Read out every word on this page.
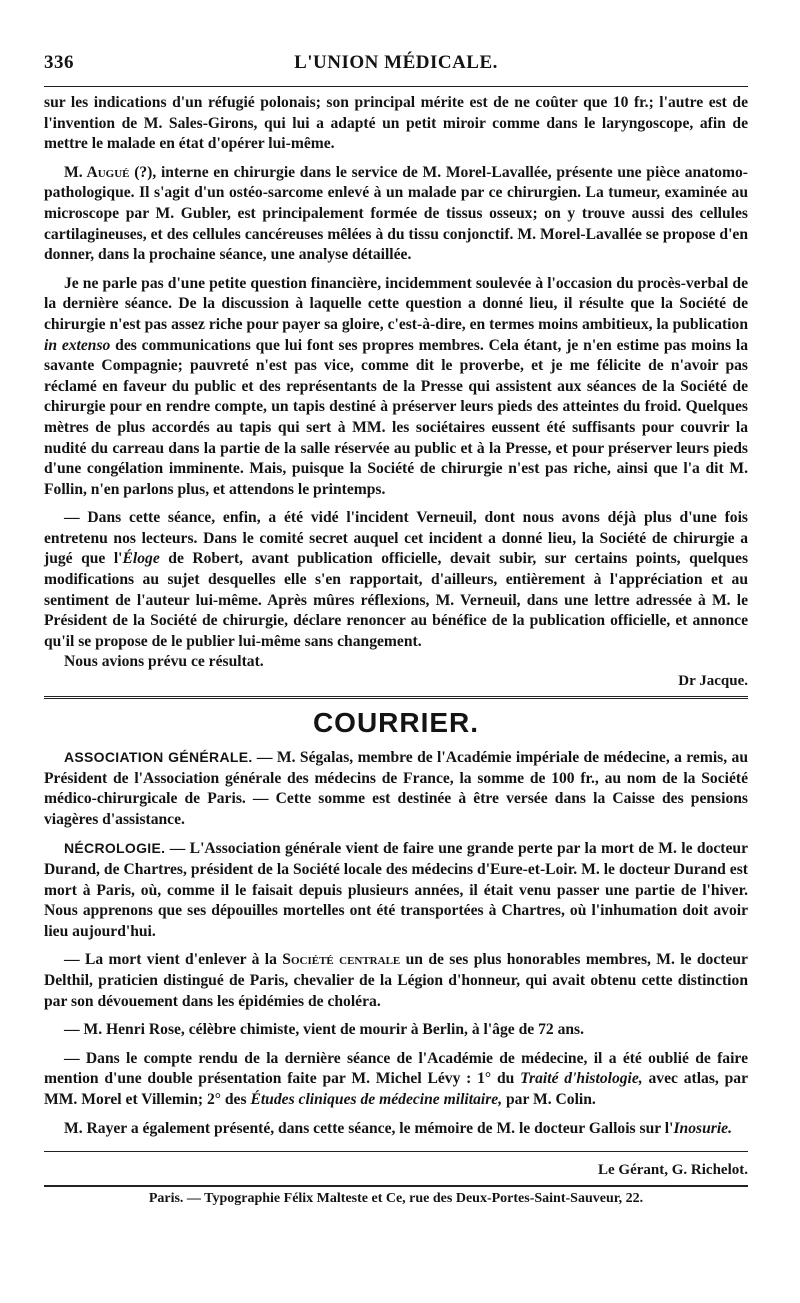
336	L'UNION MÉDICALE.

sur les indications d'un réfugié polonais; son principal mérite est de ne coûter que 10 fr.; l'autre est de l'invention de M. Sales-Girons, qui lui a adapté un petit miroir comme dans le laryngoscope, afin de mettre le malade en état d'opérer lui-même.

M. Augué (?), interne en chirurgie dans le service de M. Morel-Lavallée, présente une pièce anatomo-pathologique. Il s'agit d'un ostéo-sarcome enlevé à un malade par ce chirurgien. La tumeur, examinée au microscope par M. Gubler, est principalement formée de tissus osseux; on y trouve aussi des cellules cartilagineuses, et des cellules cancéreuses mêlées à du tissu conjonctif. M. Morel-Lavallée se propose d'en donner, dans la prochaine séance, une analyse détaillée.

Je ne parle pas d'une petite question financière, incidemment soulevée à l'occasion du procès-verbal de la dernière séance. De la discussion à laquelle cette question a donné lieu, il résulte que la Société de chirurgie n'est pas assez riche pour payer sa gloire, c'est-à-dire, en termes moins ambitieux, la publication in extenso des communications que lui font ses propres membres. Cela étant, je n'en estime pas moins la savante Compagnie; pauvreté n'est pas vice, comme dit le proverbe, et je me félicite de n'avoir pas réclamé en faveur du public et des représentants de la Presse qui assistent aux séances de la Société de chirurgie pour en rendre compte, un tapis destiné à préserver leurs pieds des atteintes du froid. Quelques mètres de plus accordés au tapis qui sert à MM. les sociétaires eussent été suffisants pour couvrir la nudité du carreau dans la partie de la salle réservée au public et à la Presse, et pour préserver leurs pieds d'une congélation imminente. Mais, puisque la Société de chirurgie n'est pas riche, ainsi que l'a dit M. Follin, n'en parlons plus, et attendons le printemps.

— Dans cette séance, enfin, a été vidé l'incident Verneuil, dont nous avons déjà plus d'une fois entretenu nos lecteurs. Dans le comité secret auquel cet incident a donné lieu, la Société de chirurgie a jugé que l'Éloge de Robert, avant publication officielle, devait subir, sur certains points, quelques modifications au sujet desquelles elle s'en rapportait, d'ailleurs, entièrement à l'appréciation et au sentiment de l'auteur lui-même. Après mûres réflexions, M. Verneuil, dans une lettre adressée à M. le Président de la Société de chirurgie, déclare renoncer au bénéfice de la publication officielle, et annonce qu'il se propose de le publier lui-même sans changement.

Nous avions prévu ce résultat.

Dr Jacque.
COURRIER.

ASSOCIATION GÉNÉRALE. — M. Ségalas, membre de l'Académie impériale de médecine, a remis, au Président de l'Association générale des médecins de France, la somme de 100 fr., au nom de la Société médico-chirurgicale de Paris. — Cette somme est destinée à être versée dans la Caisse des pensions viagères d'assistance.

NÉCROLOGIE. — L'Association générale vient de faire une grande perte par la mort de M. le docteur Durand, de Chartres, président de la Société locale des médecins d'Eure-et-Loir. M. le docteur Durand est mort à Paris, où, comme il le faisait depuis plusieurs années, il était venu passer une partie de l'hiver. Nous apprenons que ses dépouilles mortelles ont été transportées à Chartres, où l'inhumation doit avoir lieu aujourd'hui.

— La mort vient d'enlever à la Société centrale un de ses plus honorables membres, M. le docteur Delthil, praticien distingué de Paris, chevalier de la Légion d'honneur, qui avait obtenu cette distinction par son dévouement dans les épidémies de choléra.

— M. Henri Rose, célèbre chimiste, vient de mourir à Berlin, à l'âge de 72 ans.

— Dans le compte rendu de la dernière séance de l'Académie de médecine, il a été oublié de faire mention d'une double présentation faite par M. Michel Lévy : 1° du Traité d'histologie, avec atlas, par MM. Morel et Villemin; 2° des Études cliniques de médecine militaire, par M. Colin.

M. Rayer a également présenté, dans cette séance, le mémoire de M. le docteur Gallois sur l'Inosurie.

Le Gérant, G. Richelot.
Paris. — Typographie Félix Malteste et Ce, rue des Deux-Portes-Saint-Sauveur, 22.
